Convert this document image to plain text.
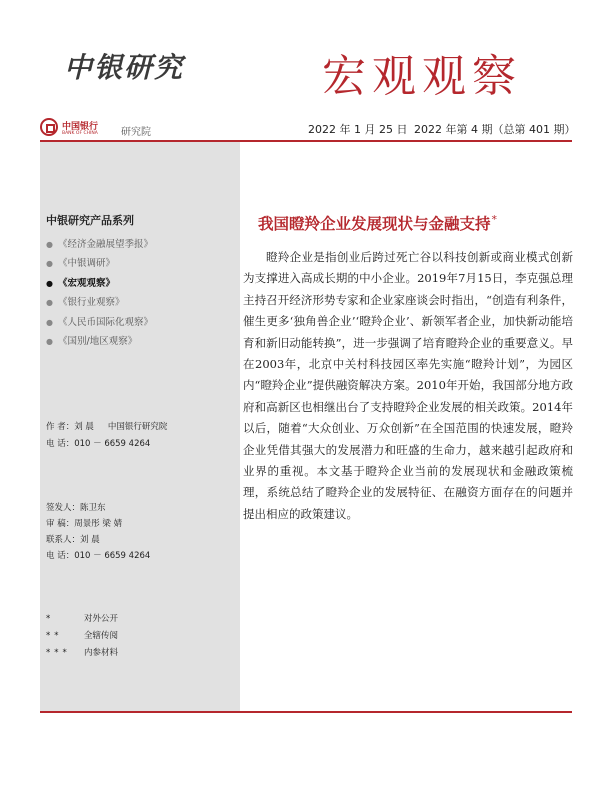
中银研究	宏观观察
中国银行
BANK OF CHINA 研究院	2022 年 1 月 25 日 2022 年第 4 期（总第 401 期）
中银研究产品系列
● 《经济金融展望季报》
● 《中银调研》
● 《宏观观察》
● 《银行业观察》
● 《人民币国际化观察》
● 《国别/地区观察》
作 者：刘 晨 中国银行研究院
电 话：010 － 6659 4264
签发人：陈卫东
审 稿：周景彤 梁 婧
联系人：刘 晨
电 话：010 － 6659 4264
*	对外公开
**	全辖传阅
*** 内参材料
我国瞪羚企业发展现状与金融支持*

瞪羚企业是指创业后跨过死亡谷以科技创新或商业模式创新为支撑进入高成长期的中小企业。2019年7月15日，李克强总理主持召开经济形势专家和企业家座谈会时指出，“创造有利条件，催生更多‘独角兽企业’‘瞪羚企业’、新领军者企业，加快新动能培育和新旧动能转换”，进一步强调了培育瞪羚企业的重要意义。早在2003年，北京中关村科技园区率先实施“瞪羚计划”，为园区内“瞪羚企业”提供融资解决方案。2010年开始，我国部分地方政府和高新区也相继出台了支持瞪羚企业发展的相关政策。2014年以后，随着“大众创业、万众创新”在全国范围的快速发展，瞪羚企业凭借其强大的发展潜力和旺盛的生命力，越来越引起政府和业界的重视。本文基于瞪羚企业当前的发展现状和金融政策梳理，系统总结了瞪羚企业的发展特征、在融资方面存在的问题并提出相应的政策建议。
